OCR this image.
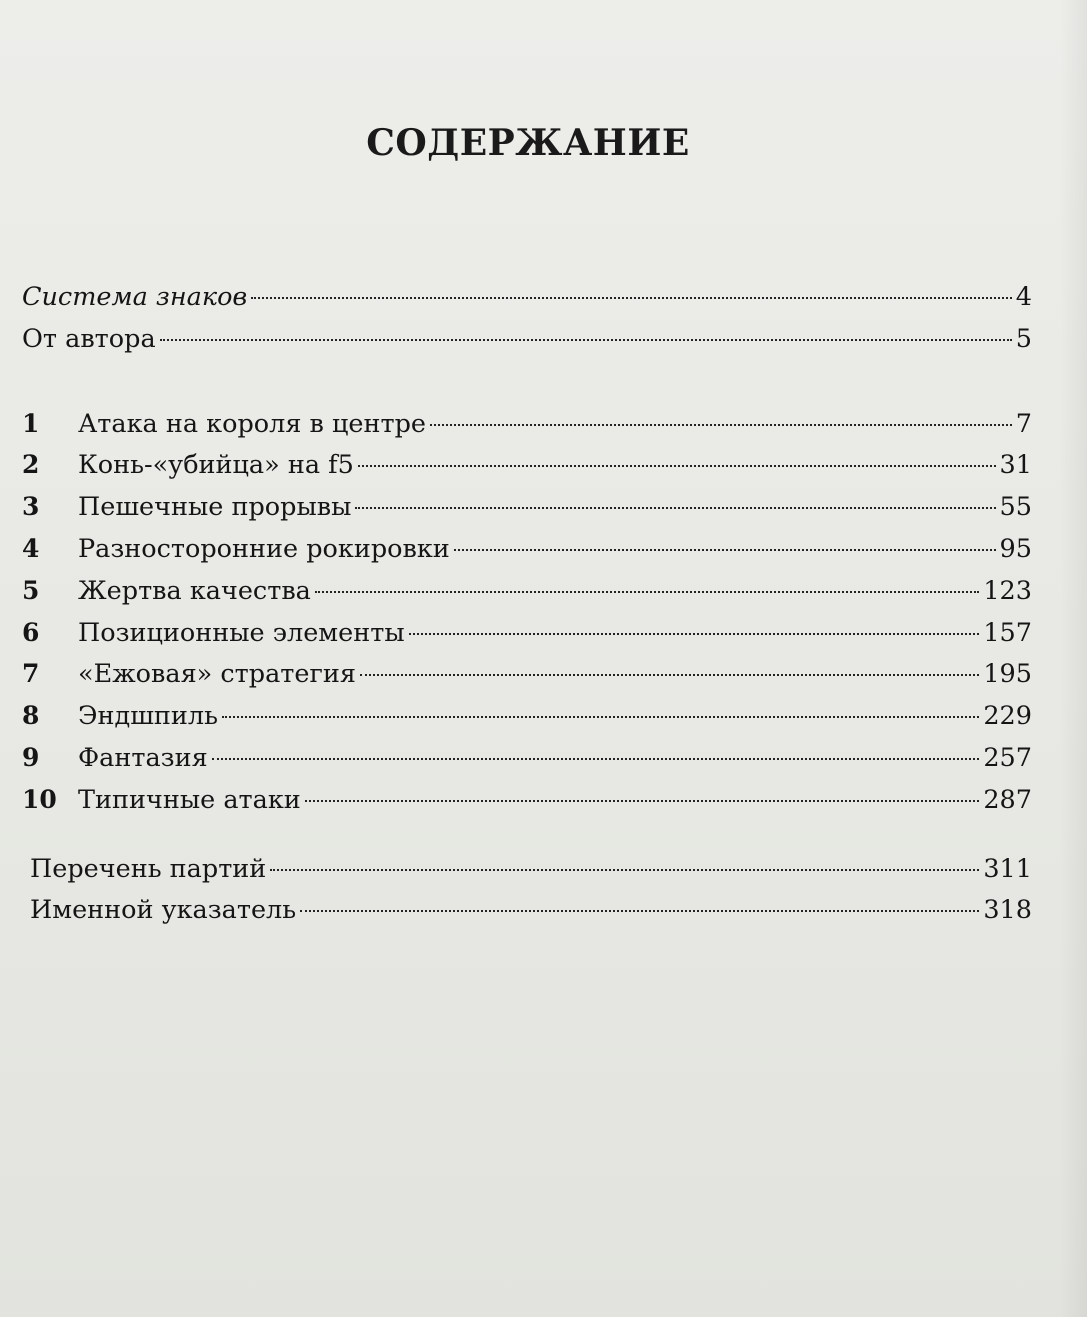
СОДЕРЖАНИЕ
Система знаков	4
От автора	5
1	Атака на короля в центре	7
2	Конь-«убийца» на f5	31
3	Пешечные прорывы	55
4	Разносторонние рокировки	95
5	Жертва качества	123
6	Позиционные элементы	157
7	«Ежовая» стратегия	195
8	Эндшпиль	229
9	Фантазия	257
10 Типичные атаки	287
Перечень партий	311
Именной указатель	318
